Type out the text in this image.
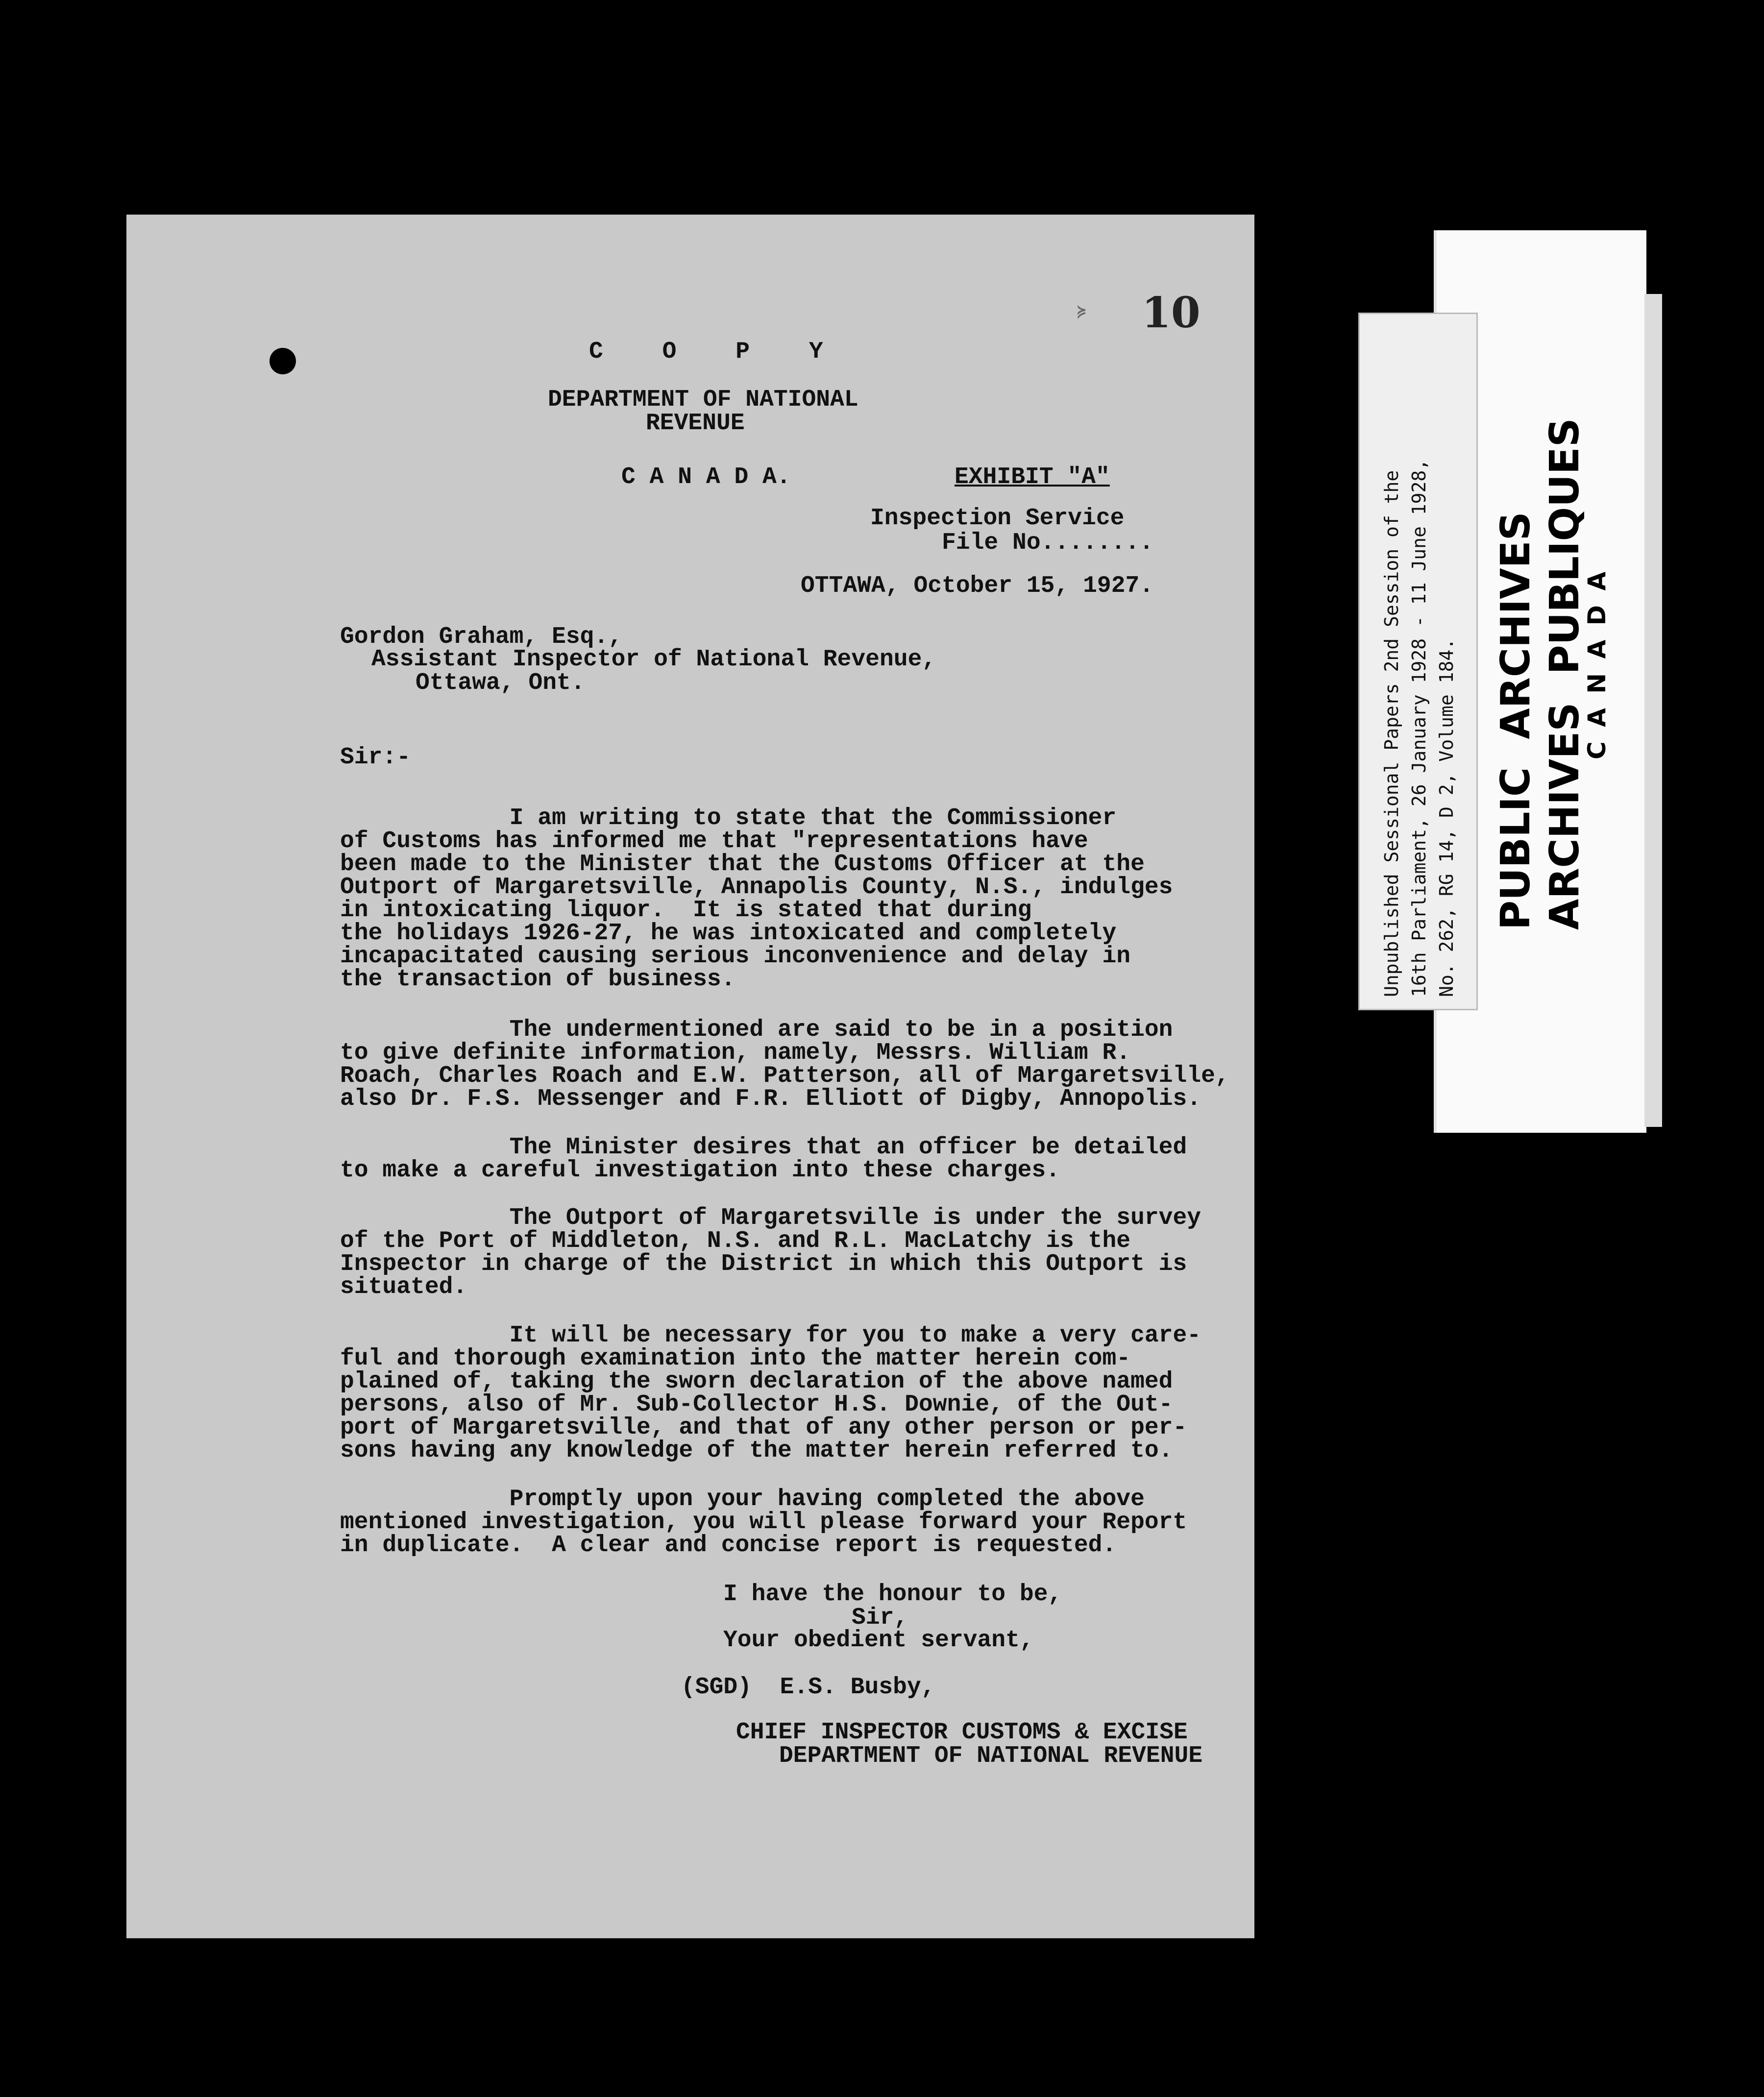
≽ 10
C O P Y
DEPARTMENT OF NATIONAL
REVENUE
C A N A D A.	EXHIBIT "A"
Inspection Service
File No........
OTTAWA, October 15, 1927.
Gordon Graham, Esq.,
Assistant Inspector of National Revenue,
Ottawa, Ont.
Sir:-
I am writing to state that the Commissioner
of Customs has informed me that "representations have
been made to the Minister that the Customs Officer at the
Outport of Margaretsville, Annapolis County, N.S., indulges
in intoxicating liquor.  It is stated that during
the holidays 1926-27, he was intoxicated and completely
incapacitated causing serious inconvenience and delay in
the transaction of business.
The undermentioned are said to be in a position
to give definite information, namely, Messrs. William R.
Roach, Charles Roach and E.W. Patterson, all of Margaretsville,
also Dr. F.S. Messenger and F.R. Elliott of Digby, Annopolis.
The Minister desires that an officer be detailed
to make a careful investigation into these charges.
The Outport of Margaretsville is under the survey
of the Port of Middleton, N.S. and R.L. MacLatchy is the
Inspector in charge of the District in which this Outport is
situated.
It will be necessary for you to make a very care-
ful and thorough examination into the matter herein com-
plained of, taking the sworn declaration of the above named
persons, also of Mr. Sub-Collector H.S. Downie, of the Out-
port of Margaretsville, and that of any other person or per-
sons having any knowledge of the matter herein referred to.
Promptly upon your having completed the above
mentioned investigation, you will please forward your Report
in duplicate.  A clear and concise report is requested.
I have the honour to be,
Sir,
Your obedient servant,
(SGD)  E.S. Busby,
CHIEF INSPECTOR CUSTOMS & EXCISE
DEPARTMENT OF NATIONAL REVENUE
PUBLIC  ARCHIVES ARCHIVES  PUBLIQUES
C A N A D A
Unpublished Sessional Papers 2nd Session of the 16th Parliament, 26 January 1928 - 11 June 1928, No. 262, RG 14, D 2, Volume 184.
